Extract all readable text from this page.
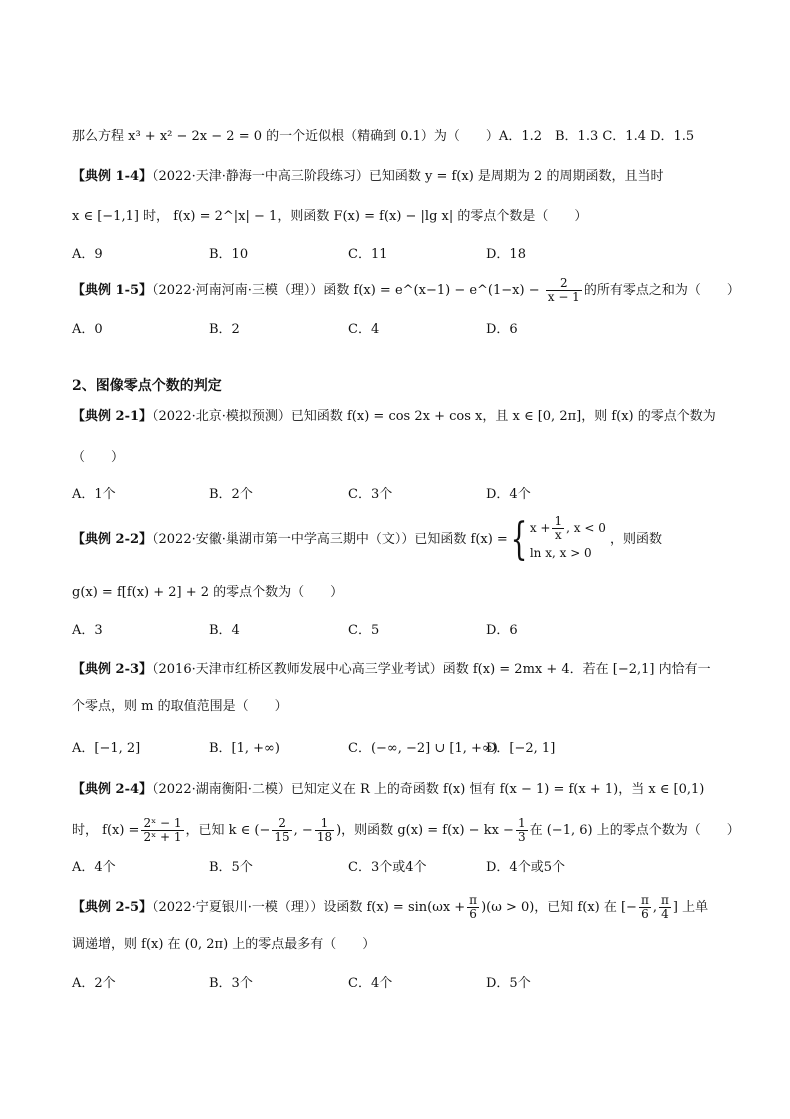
那么方程 x³ + x² − 2x − 2 = 0 的一个近似根（精确到 0.1）为（　　）A．1.2　B．1.3 C．1.4 D．1.5
【典例 1-4】（2022·天津·静海一中高三阶段练习）已知函数 y = f(x) 是周期为 2 的周期函数，且当时
x ∈ [−1,1] 时， f(x) = 2^|x| − 1，则函数 F(x) = f(x) − |lg x| 的零点个数是（　　）
A．9	B．10	C．11	D．18
【典例 1-5】（2022·河南河南·三模（理））函数 f(x) = e^(x−1) − e^(1−x) − $\frac{2}{x - 1}$ 的所有零点之和为（　　）
A．0	B．2	C．4	D．6
2、图像零点个数的判定
【典例 2-1】（2022·北京·模拟预测）已知函数 f(x) = cos 2x + cos x，且 x ∈ [0, 2π]，则 f(x) 的零点个数为
（　　）
A．1个	B．2个	C．3个	D．4个
【典例 2-2】（2022·安徽·巢湖市第一中学高三期中（文））已知函数 f(x) ={ $x + \frac{1}{x}$ , x < 0
ln x, x > 0
，则函数
g(x) = f[f(x) + 2] + 2 的零点个数为（　　）
A．3	B．4	C．5	D．6
【典例 2-3】（2016·天津市红桥区教师发展中心高三学业考试）函数 f(x) = 2mx + 4．若在 [−2,1] 内恰有一
个零点，则 m 的取值范围是（　　）
A．[−1, 2]	B．[1, +∞)	C．(−∞, −2] ∪ [1, +∞)
D．[−2, 1]
【典例 2-4】（2022·湖南衡阳·二模）已知定义在 R 上的奇函数 f(x) 恒有 f(x − 1) = f(x + 1)，当 x ∈ [0,1)
时， $f(x) = \frac{\text{2ˣ − 1}}{\text{2ˣ + 1}}$ ，已知 k ∈ (− $\frac{2}{15}$ , − $\frac{1}{18}$ )，则函数 g(x) = f(x) − kx − $\frac{1}{3}$ 在 (−1, 6) 上的零点个数为（　　）
A．4个	B．5个	C．3个或4个	D．4个或5个
【典例 2-5】（2022·宁夏银川·一模（理））设函数 $f(x) = \sin(\omega x + \frac{\pi}{6} )(\omega > 0)$，已知 f(x) 在 [− $\frac{\pi}{6}$ , $\frac{\pi}{4}$ ] 上单
调递增，则 f(x) 在 (0, 2π) 上的零点最多有（　　）
A．2个	B．3个	C．4个	D．5个
